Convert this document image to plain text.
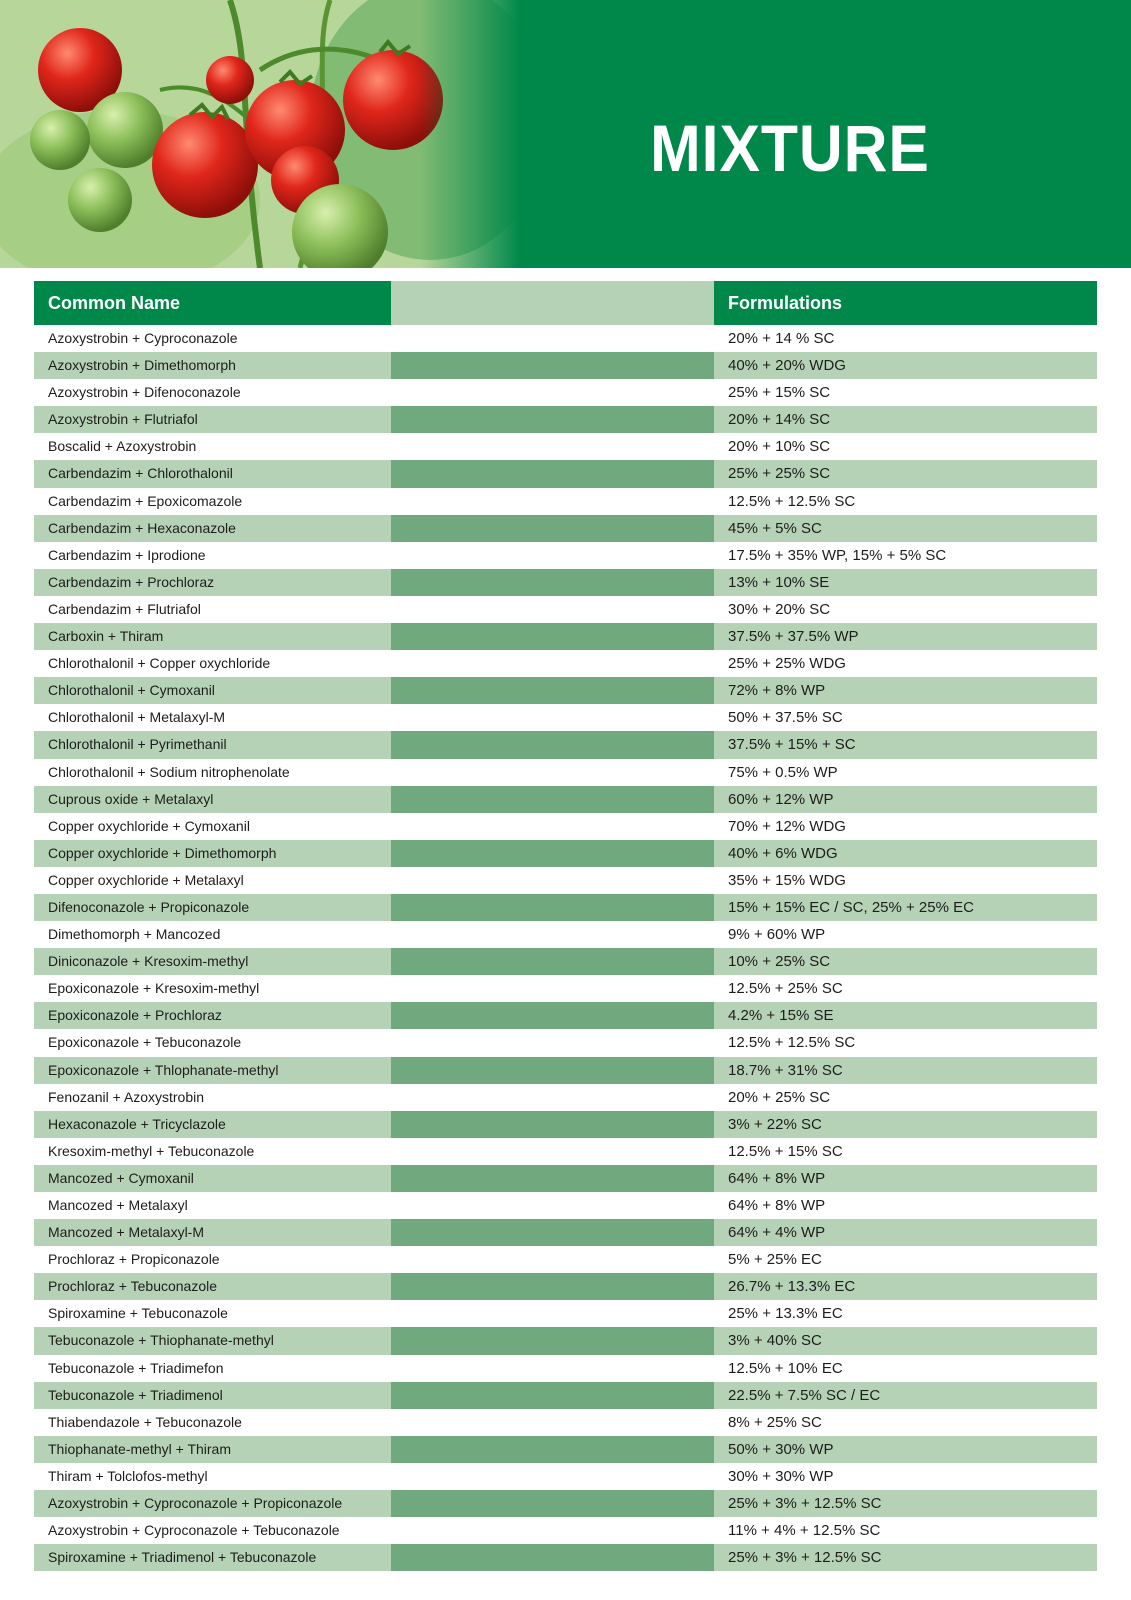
MIXTURE
Common Name	Formulations
Azoxystrobin + Cyproconazole	20% + 14 % SC
Azoxystrobin + Dimethomorph	40% + 20% WDG
Azoxystrobin + Difenoconazole	25% + 15% SC
Azoxystrobin + Flutriafol	20% + 14% SC
Boscalid + Azoxystrobin	20% + 10% SC
Carbendazim + Chlorothalonil	25% + 25% SC
Carbendazim + Epoxicomazole	12.5% + 12.5% SC
Carbendazim + Hexaconazole	45% + 5% SC
Carbendazim + Iprodione	17.5% + 35% WP, 15% + 5% SC
Carbendazim + Prochloraz	13% + 10% SE
Carbendazim + Flutriafol	30% + 20% SC
Carboxin + Thiram	37.5% + 37.5% WP
Chlorothalonil + Copper oxychloride	25% + 25% WDG
Chlorothalonil + Cymoxanil	72% + 8% WP
Chlorothalonil + Metalaxyl-M	50% + 37.5% SC
Chlorothalonil + Pyrimethanil	37.5% + 15% + SC
Chlorothalonil + Sodium nitrophenolate	75% + 0.5% WP
Cuprous oxide + Metalaxyl	60% + 12% WP
Copper oxychloride + Cymoxanil	70% + 12% WDG
Copper oxychloride + Dimethomorph	40% + 6% WDG
Copper oxychloride + Metalaxyl	35% + 15% WDG
Difenoconazole + Propiconazole	15% + 15% EC / SC, 25% + 25% EC
Dimethomorph + Mancozed	9% + 60% WP
Diniconazole + Kresoxim-methyl	10% + 25% SC
Epoxiconazole + Kresoxim-methyl	12.5% + 25% SC
Epoxiconazole + Prochloraz	4.2% + 15% SE
Epoxiconazole + Tebuconazole	12.5% + 12.5% SC
Epoxiconazole + Thlophanate-methyl	18.7% + 31% SC
Fenozanil + Azoxystrobin	20% + 25% SC
Hexaconazole + Tricyclazole	3% + 22% SC
Kresoxim-methyl + Tebuconazole	12.5% + 15% SC
Mancozed + Cymoxanil	64% + 8% WP
Mancozed + Metalaxyl	64% + 8% WP
Mancozed + Metalaxyl-M	64% + 4% WP
Prochloraz + Propiconazole	5% + 25% EC
Prochloraz + Tebuconazole	26.7% + 13.3% EC
Spiroxamine + Tebuconazole	25% + 13.3% EC
Tebuconazole + Thiophanate-methyl	3% + 40% SC
Tebuconazole + Triadimefon	12.5% + 10% EC
Tebuconazole + Triadimenol	22.5% + 7.5% SC / EC
Thiabendazole + Tebuconazole	8% + 25% SC
Thiophanate-methyl + Thiram	50% + 30% WP
Thiram + Tolclofos-methyl	30% + 30% WP
Azoxystrobin + Cyproconazole + Propiconazole	25% + 3% + 12.5% SC
Azoxystrobin + Cyproconazole + Tebuconazole	11% + 4% + 12.5% SC
Spiroxamine + Triadimenol + Tebuconazole	25% + 3% + 12.5% SC
